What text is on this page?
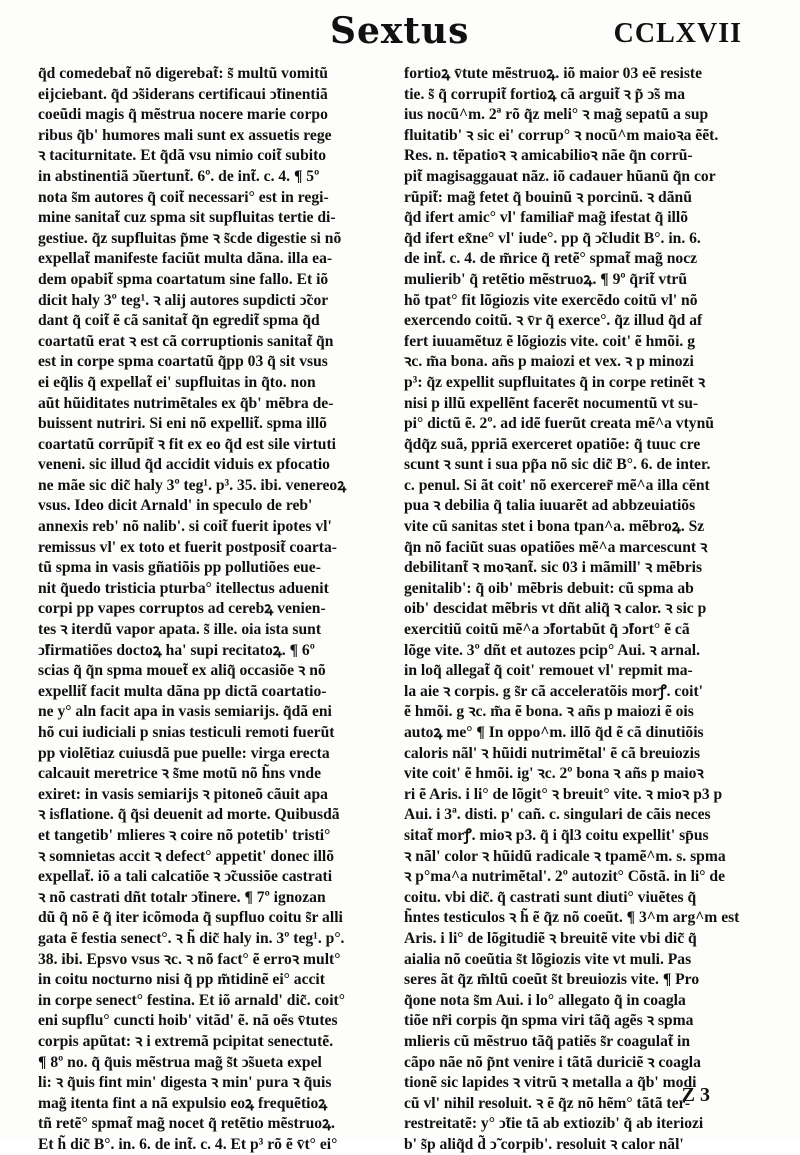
Sextus	CCLXVII
q̃d comedebat̃ nõ digerebat̃: s̃ multũ vomitũ
eijciebant. q̃d ↄ̃siderans certificaui ↄ̃tinentiã
coeũdi magis q̃ mẽstrua nocere marie corpo
ribus q̃b' humores mali sunt ex assuetis rege
ꝛ taciturnitate. Et q̃dã vsu nimio coit̃ subito
in abstinentiã ↄ̃uertunt̃. 6º. de int̃. c. 4. ¶ 5º
nota s̃m autores q̃ coit̃ necessari° est in regi-
mine sanitat̃ cuz spma sit supfluitas tertie di-
gestiue. q̃z supfluitas p̃me ꝛ s̃cde digestie si nõ
expellat̃ manifeste faciũt multa dãna. illa ea-
dem opabit̃ spma coartatum sine fallo. Et iõ
dicit haly 3º teg¹. ꝛ alij autores supdicti ↄ̃cor
dant q̃ coit̃ ẽ cã sanitat̃ q̃n egredit̃ spma q̃d
coartatũ erat ꝛ est cã corruptionis sanitat̃ q̃n
est in corpe spma coartatũ q̃pp 03 q̃ sit vsus
ei eq̃lis q̃ expellat̃ ei' supfluitas in q̃to. non
aũt hũiditates nutrimẽtales ex q̃b' mẽbra de-
buissent nutriri. Si eni nõ expellit̃. spma illõ
coartatũ corrũpit̃ ꝛ fit ex eo q̃d est sile virtuti
veneni. sic illud q̃d accidit viduis ex pfocatio
ne mãe sic dic̃ haly 3º teg¹. p³. 35. ibi. venereoꝝ
vsus. Ideo dicit Arnald' in speculo de reb'
annexis reb' nõ nalib'. si coit̃ fuerit ipotes vl'
remissus vl' ex toto et fuerit postposit̃ coarta-
tũ spma in vasis gñatiõis pp pollutiões eue-
nit q̃uedo tristicia pturba° itellectus aduenit
corpi pp vapes corruptos ad cerebꝝ venien-
tes ꝛ iterdũ vapor apata. s̃ ille. oia ista sunt
ↄ̃firmatiões doctoꝝ ha' supi recitatoꝝ. ¶ 6º
scias q̃ q̃n spma mouet̃ ex aliq̃ occasiõe ꝛ nõ
expellit̃ facit multa dãna pp dictã coartatio-
ne y° aln facit apa in vasis semiarijs. q̃dã eni
hõ cui iudiciali p snias testiculi remoti fuerũt
pp violẽtiaz cuiusdã pue puelle: virga erecta
calcauit meretrice ꝛ s̃me motũ nõ h̃ns vnde
exiret: in vasis semiarijs ꝛ pitoneõ cãuit apa
ꝛ isflatione. q̃ q̃si deuenit ad morte. Quibusdã
et tangetib' mlieres ꝛ coire nõ potetib' tristi°
ꝛ somnietas accit ꝛ defect° appetit' donec illõ
expellat̃. iõ a tali calcatiõe ꝛ ↄ̃cussiõe castrati
ꝛ nõ castrati dñt totalr ↄ̃tinere. ¶ 7º ignozan
dũ q̃ nõ ẽ q̃ iter icõmoda q̃ supfluo coitu s̃r alli
gata ẽ festia senect°. ꝛ h̃ dic̃ haly in. 3º teg¹. p°.
38. ibi. Epsvo vsus ꝛc. ꝛ nõ fact° ẽ erroꝛ mult°
in coitu nocturno nisi q̃ pp m̃tidinẽ ei° accit
in corpe senect° festina. Et iõ arnald' dic̃. coit°
eni supflu° cuncti hoib' vitãd' ẽ. nã oẽs v̄tutes
corpis apũtat: ꝛ i extremã pcipitat senectutẽ.
¶ 8º no. q̃ q̃uis mẽstrua mag̃ s̃t ↄ̃sueta expel
li: ꝛ q̃uis fint min' digesta ꝛ min' pura ꝛ q̃uis
mag̃ itenta fint a nã expulsio eoꝝ frequẽtioꝝ
tñ retẽ° spmat̃ mag̃ nocet q̃ retẽtio mẽstruoꝝ.
Et h̃ dic̃ B°. in. 6. de int̃. c. 4. Et p³ rõ ẽ v̄t° ei°
fortioꝝ v̄tute mẽstruoꝝ. iõ maior 03 eẽ resiste
tie. s̃ q̃ corrupit̃ fortioꝝ cã arguit̃ ꝛ p̃ ↄ̃s ma
ius nocũ^m. 2ª rõ q̃z meli° ꝛ mag̃ sepatũ a sup
fluitatib' ꝛ sic ei' corrup° ꝛ nocũ^m maioꝛa ẽẽt.
Res. n. tẽpatioꝛ ꝛ amicabilioꝛ nãe q̃n corrũ-
pit̃ magisaggauat nãz. iõ cadauer hũanũ q̃n cor
rũpit̃: mag̃ fetet q̃ bouinũ ꝛ porcinũ. ꝛ dãnũ
q̃d ifert amic° vl' familiar̃ mag̃ ifestat q̃ illõ
q̃d ifert ex̃ne° vl' iude°. pp q̃ ↄ̃cludit B°. in. 6.
de int̃. c. 4. de m̃rice q̃ retẽ° spmat̃ mag̃ nocz
mulierib' q̃ retẽtio mẽstruoꝝ. ¶ 9º q̃rit̃ vtrũ
hõ tpat° fit lõgiozis vite exercẽdo coitũ vl' nõ
exercendo coitũ. ꝛ v̄r q̃ exerce°. q̃z illud q̃d af
fert iuuamẽtuz ẽ lõgiozis vite. coit' ẽ hmõi. g
ꝛc. m̃a bona. añs p maiozi et vex. ꝛ p minozi
p³: q̃z expellit supfluitates q̃ in corpe retinẽt ꝛ
nisi p illũ expellẽnt facerẽt nocumentũ vt su-
pi° dictũ ẽ. 2º. ad idẽ fuerũt creata mẽ^a vtynũ
q̃dq̃z suã, ppriã exerceret opatiõe: q̃ tuuc cre
scunt ꝛ sunt i sua pp̃a nõ sic dic̃ B°. 6. de inter.
c. penul. Si ãt coit' nõ exercerer̃ mẽ^a illa cẽnt
pua ꝛ debilia q̃ talia iuuarẽt ad abbzeuiatiõs
vite cũ sanitas stet i bona tpan^a. mẽbroꝝ. Sz
q̃n nõ faciũt suas opatiões mẽ^a marcescunt ꝛ
debilitant̃ ꝛ moꝛant̃. sic 03 i mãmill' ꝛ mẽbris
genitalib': q̃ oib' mẽbris debuit: cũ spma ab
oib' descidat mẽbris vt dñt aliq̃ ꝛ calor. ꝛ sic p
exercitiũ coitũ mẽ^a ↄ̃fortabũt q̃ ↄ̃fort° ẽ cã
lõge vite. 3º dñt et autozes pcip° Aui. ꝛ arnal.
in loq̃ allegat̃ q̃ coit' remouet vl' repmit ma-
la aie ꝛ corpis. g s̃r cã acceleratõis morꝭ. coit'
ẽ hmõi. g ꝛc. m̃a ẽ bona. ꝛ añs p maiozi ẽ ois
autoꝝ me° ¶ In oppo^m. illõ q̃d ẽ cã dinutiõis
caloris nãl' ꝛ hũidi nutrimẽtal' ẽ cã breuiozis
vite coit' ẽ hmõi. ig' ꝛc. 2º bona ꝛ añs p maioꝛ
ri ẽ Aris. i li° de lõgit° ꝛ breuit° vite. ꝛ mioꝛ p3 p
Aui. i 3ª. disti. p' cañ. c. singulari de cãis neces
sitat̃ morꝭ. mioꝛ p3. q̃ i q̃l3 coitu expellit' sp̄us
ꝛ nãl' color ꝛ hũidũ radicale ꝛ tpamẽ^m. s. spma
ꝛ p°ma^a nutrimẽtal'. 2º autozit° Cõstã. in li° de
coitu. vbi dic̃. q̃ castrati sunt diuti° viuẽtes q̃
h̃ntes testiculos ꝛ h̃ ẽ q̃z nõ coeũt. ¶ 3^m arg^m est
Aris. i li° de lõgitudiẽ ꝛ breuitẽ vite vbi dic̃ q̃
aialia nõ coeũtia s̃t lõgiozis vite vt muli. Pas
seres ãt q̃z m̃ltũ coeũt s̃t breuiozis vite. ¶ Pro
q̃one nota s̃m Aui. i lo° allegato q̃ in coagla
tiõe nr̃i corpis q̃n spma viri tãq̃ agẽs ꝛ spma
mlieris cũ mẽstruo tãq̃ patiẽs s̃r coagulat̃ in
cãpo nãe nõ p̃nt venire i tãtã duriciẽ ꝛ coagla
tionẽ sic lapides ꝛ vitrũ ꝛ metalla a q̃b' modi
cũ vl' nihil resoluit. ꝛ ẽ q̃z nõ hẽm° tãtã ter-
restreitatẽ: y° ↄ̃tie tã ab extiozib' q̃ ab iteriozi
b' s̃p aliq̃d d̃ ↄ̃ corpib'. resoluit ꝛ calor nãl'
Z 3
